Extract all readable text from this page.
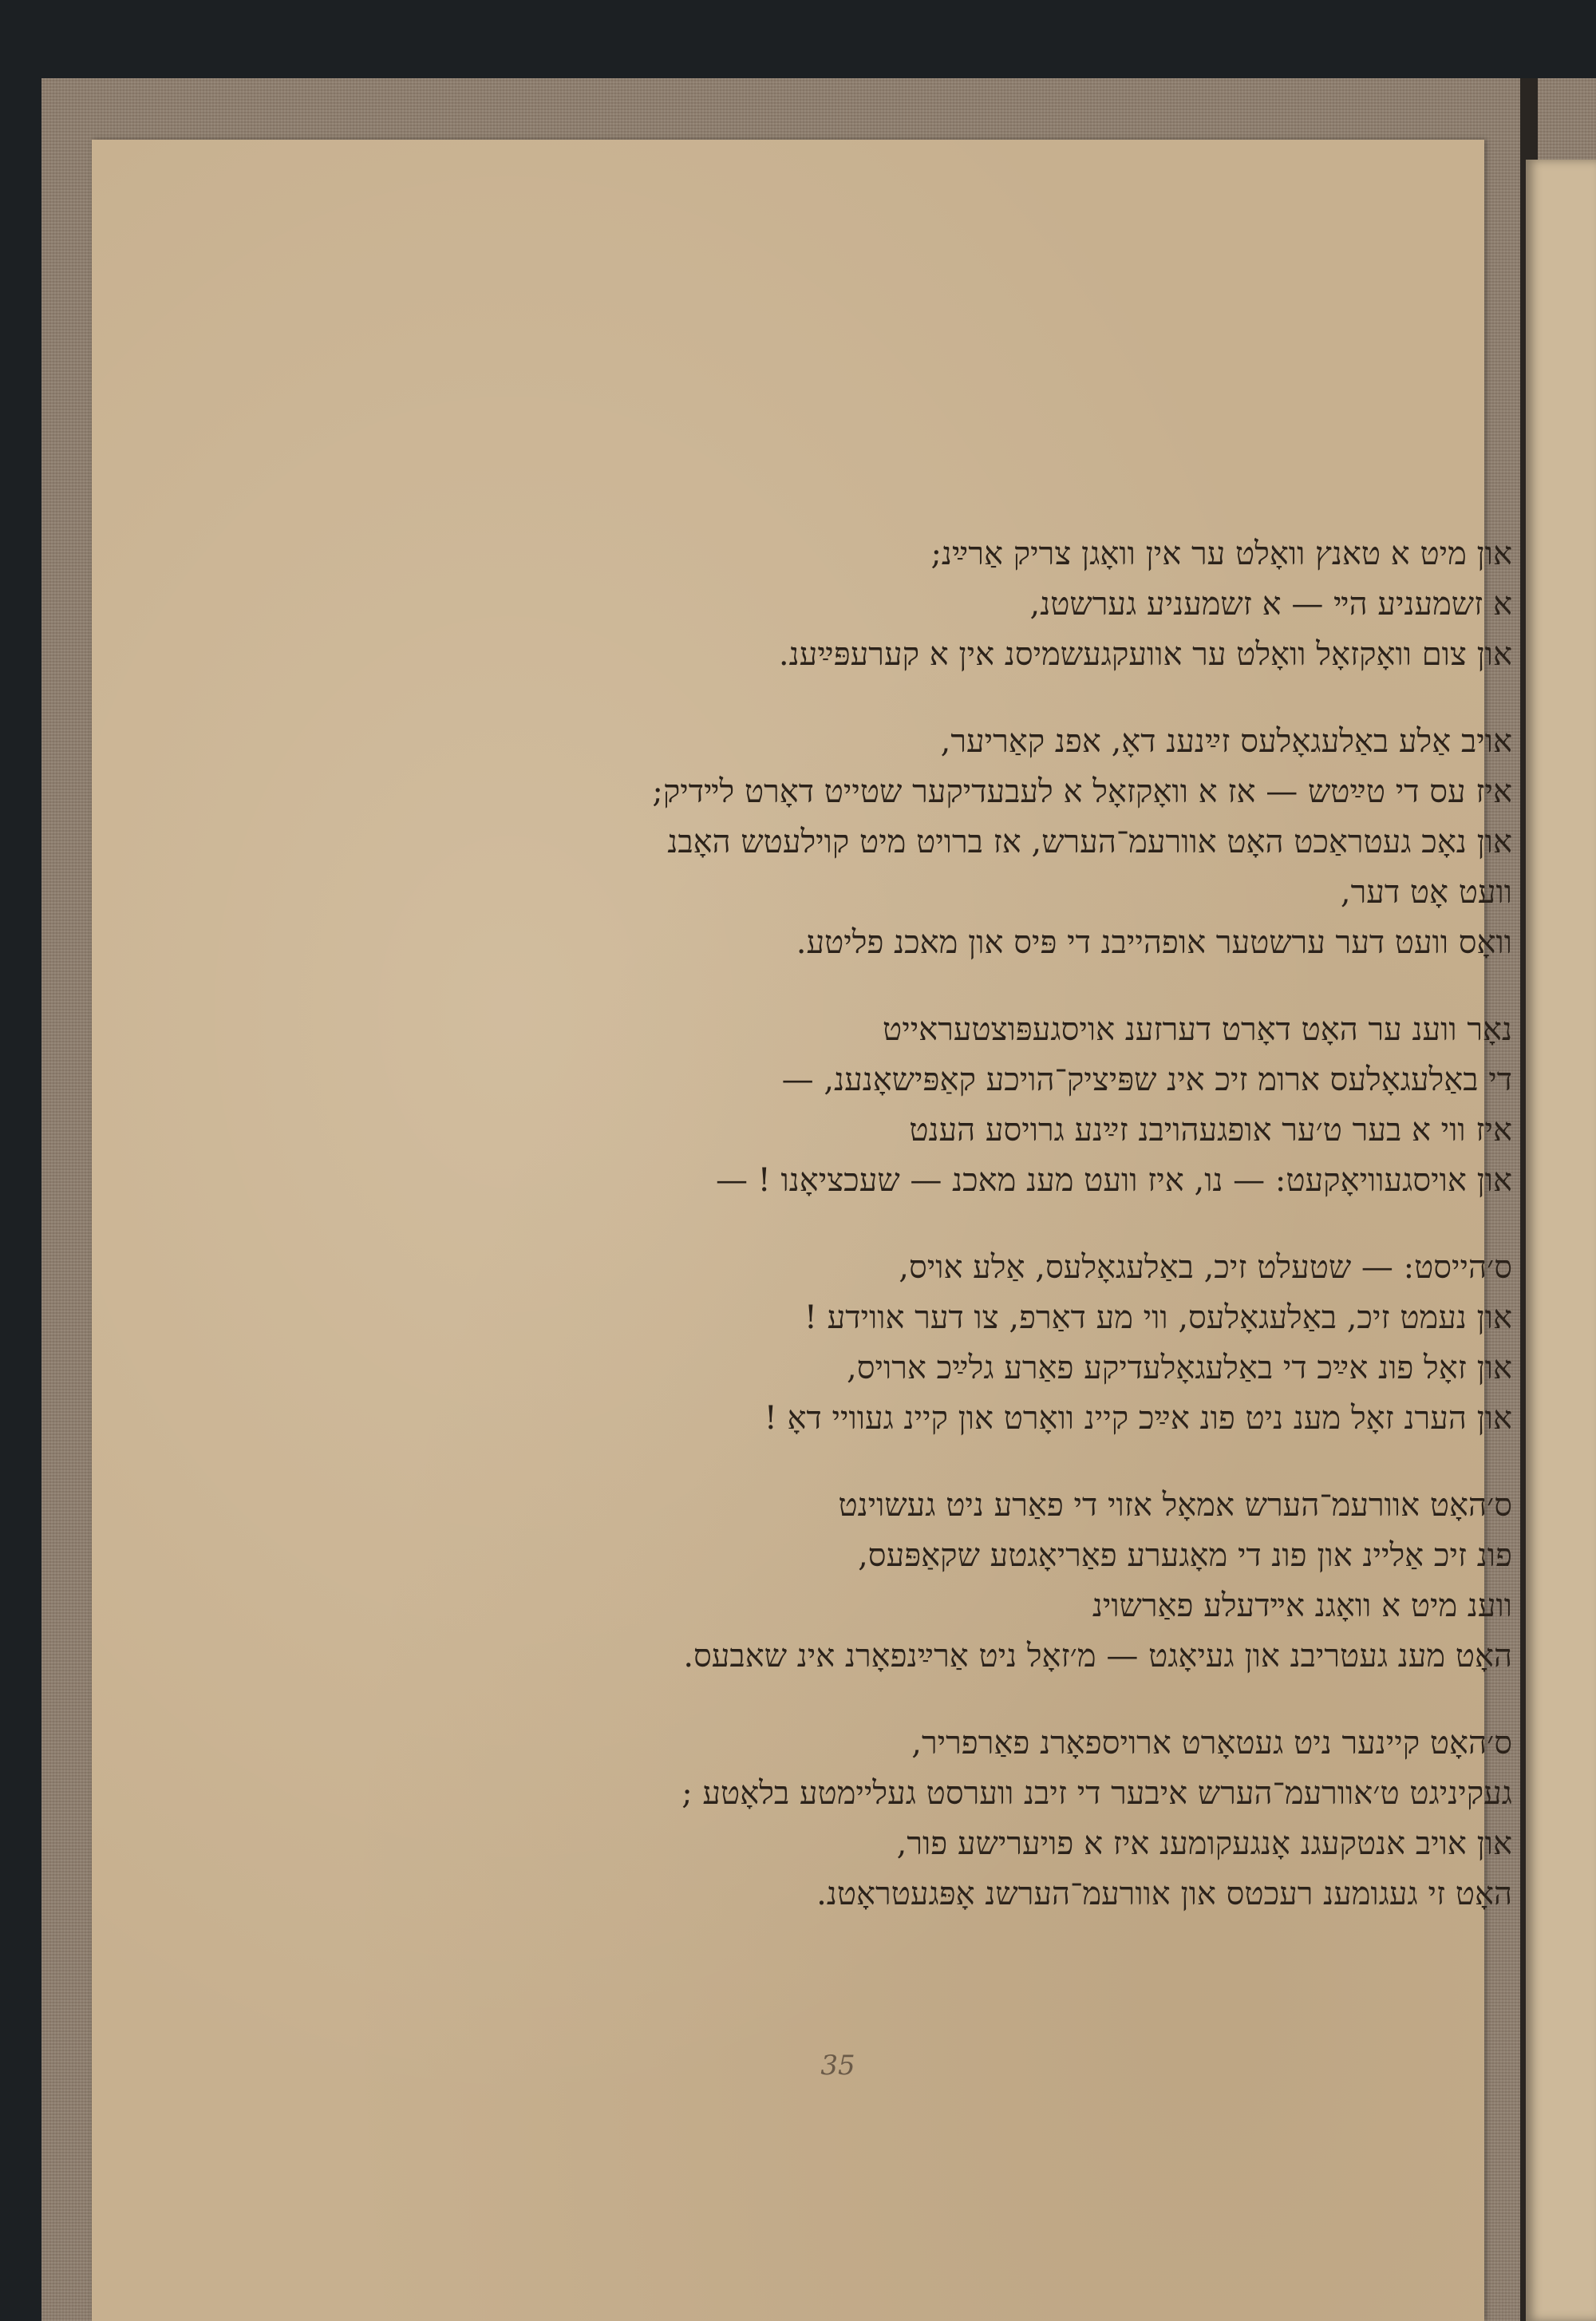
און מיט א טאנץ וואָלט ער אין וואָגן צריק אַרײַנ;
א זשמעניע הײ — א זשמעניע גערשטנ,
און צום וואָקזאָל וואָלט ער אוועקגעשמיסנ אין א קערעפּײַענ.
אויב אַלע באַלעגאָלעס זײַנענ דאָ, אפנ קאַריער,
איז עס די טײַטש — אז א וואָקזאָל א לעבעדיקער שטייט דאָרט לײדיק;
און נאָכ געטראַכט האָט אוורעמ־הערש, אז ברויט מיט קוילעטש האָבנ
וועט אָט דער,
וואָס וועט דער ערשטער אופהייבנ די פּיס און מאכנ פליטע.
נאָר ווענ ער האָט דאָרט דערזענ אויסגעפּוצטעראייט
די באַלעגאָלעס ארומ זיכ אינ שפּיציק־הויכע קאַפּישאָנענ, —
איז ווי א בער ט׳ער אופגעהויבנ זײַנע גרויסע הענט
און אויסגעוויאָקעט: — נו, איז וועט מענ מאכנ — שעכציאָנו ! —
ס׳הייסט: — שטעלט זיכ, באַלעגאָלעס, אַלע אויס,
און נעמט זיכ, באַלעגאָלעס, ווי מע דאַרפ, צו דער אווידע !
און זאָל פונ אײַכ די באַלעגאָלעדיקע פאַרע גלײַכ ארויס,
און הערנ זאָל מענ ניט פונ אײַכ קיינ וואָרט און קיינ געוויי דאָ !
ס׳האָט אוורעמ־הערש אמאָל אזוי די פאַרע ניט געשוינט
פונ זיכ אַליינ און פונ די מאָגערע פאַריאָגטע שקאַפּעס,
ווענ מיט א וואָגנ אײדעלע פאַרשוינ
האָט מענ געטריבנ און געיאָגט — מ׳זאָל ניט אַרײַנפאָרנ אינ שאבעס.
ס׳האָט קיינער ניט געטאָרט ארויספאָרנ פאַרפריר,
געקיניגט ט׳אוורעמ־הערש איבער די זיבנ ווערסט געליימטע בלאָטע ;
און אויב אנטקעגנ אָנגעקומענ איז א פויערישע פור,
האָט זי געגומענ רעכטס און אוורעמ־הערשנ אָפּגעטראָטנ.
35
